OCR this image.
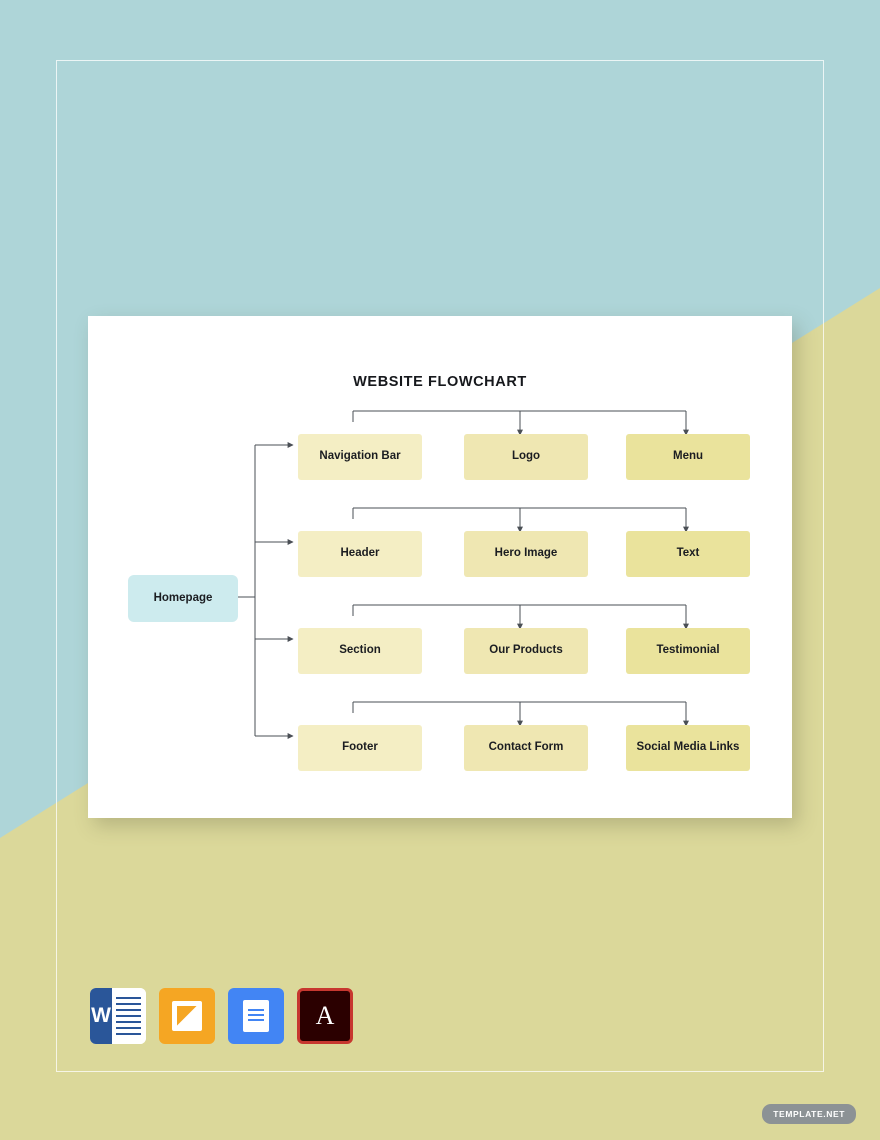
WEBSITE FLOWCHART
Homepage
Navigation Bar	Logo	Menu
Header	Hero Image	Text
Section	Our Products	Testimonial
Footer	Contact Form	Social Media Links
W	A
TEMPLATE.NET
